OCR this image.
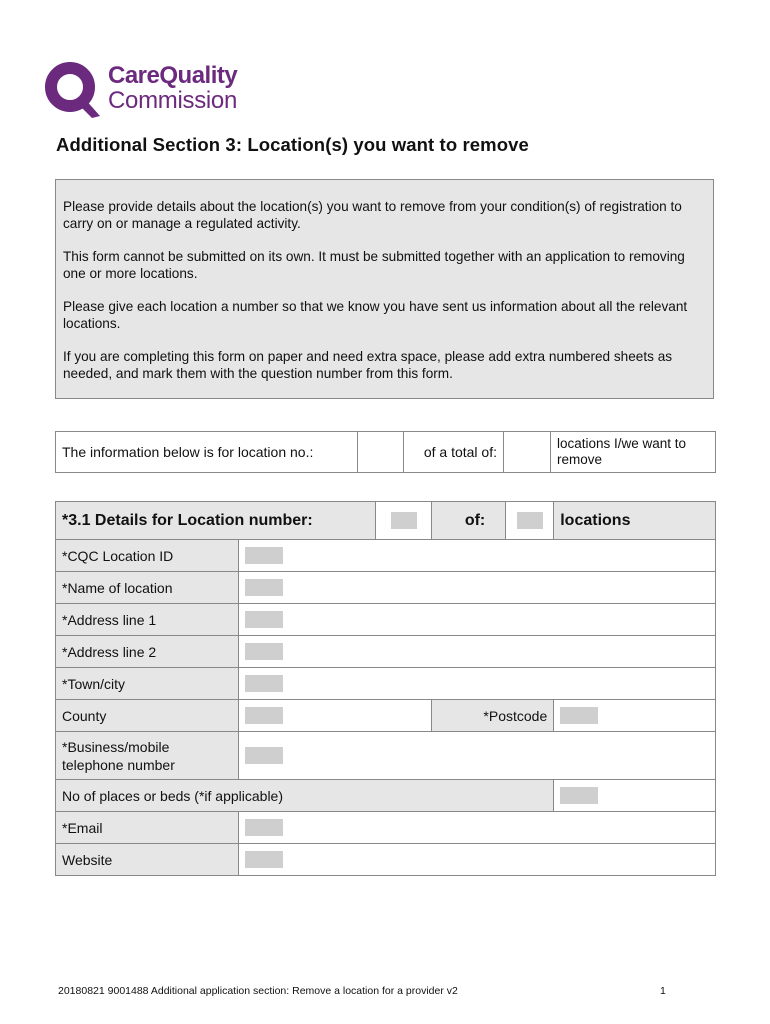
CareQuality
Commission
Additional Section 3: Location(s) you want to remove

Please provide details about the location(s) you want to remove from your condition(s) of registration to carry on or manage a regulated activity.

This form cannot be submitted on its own. It must be submitted together with an application to removing one or more locations.

Please give each location a number so that we know you have sent us information about all the relevant locations.

If you are completing this form on paper and need extra space, please add extra numbered sheets as needed, and mark them with the question number from this form.

The information below is for location no.:		of a total of:		locations I/we want to remove
*3.1 Details for Location number:			of:		locations
*CQC Location ID					
*Name of location					
*Address line 1					
*Address line 2					
*Town/city					
County			*Postcode		
*Business/mobile telephone number					
No of places or beds (*if applicable)					
*Email					
Website					
20180821 9001488 Additional application section: Remove a location for a provider v2	1
